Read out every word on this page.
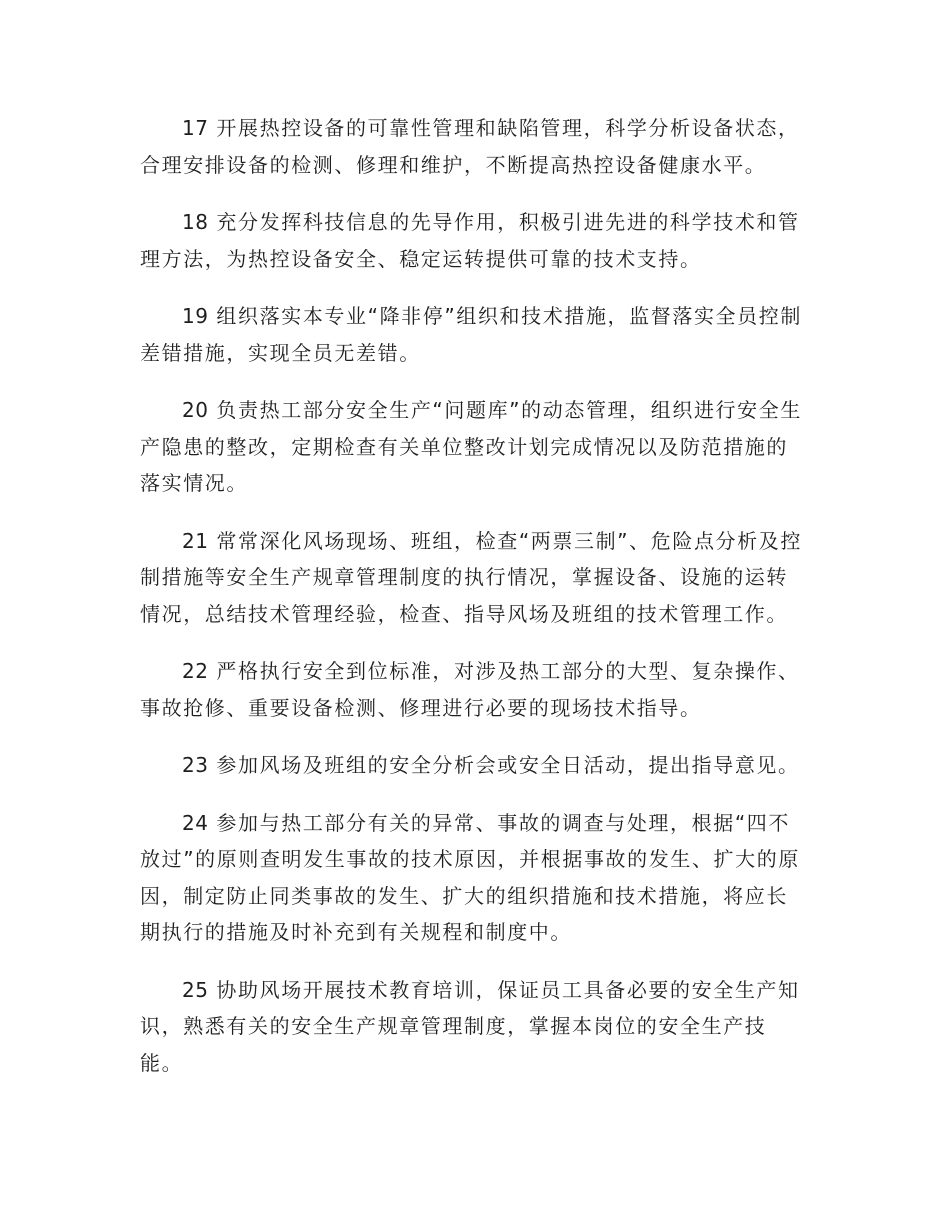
17 开展热控设备的可靠性管理和缺陷管理，科学分析设备状态，合理安排设备的检测、修理和维护，不断提高热控设备健康水平。

18 充分发挥科技信息的先导作用，积极引进先进的科学技术和管理方法，为热控设备安全、稳定运转提供可靠的技术支持。

19 组织落实本专业“降非停”组织和技术措施，监督落实全员控制差错措施，实现全员无差错。

20 负责热工部分安全生产“问题库”的动态管理，组织进行安全生产隐患的整改，定期检查有关单位整改计划完成情况以及防范措施的落实情况。

21 常常深化风场现场、班组，检查“两票三制”、危险点分析及控制措施等安全生产规章管理制度的执行情况，掌握设备、设施的运转情况，总结技术管理经验，检查、指导风场及班组的技术管理工作。

22 严格执行安全到位标准，对涉及热工部分的大型、复杂操作、事故抢修、重要设备检测、修理进行必要的现场技术指导。

23 参加风场及班组的安全分析会或安全日活动，提出指导意见。

24 参加与热工部分有关的异常、事故的调查与处理，根据“四不放过”的原则查明发生事故的技术原因，并根据事故的发生、扩大的原因，制定防止同类事故的发生、扩大的组织措施和技术措施，将应长期执行的措施及时补充到有关规程和制度中。

25 协助风场开展技术教育培训，保证员工具备必要的安全生产知识，熟悉有关的安全生产规章管理制度，掌握本岗位的安全生产技能。
